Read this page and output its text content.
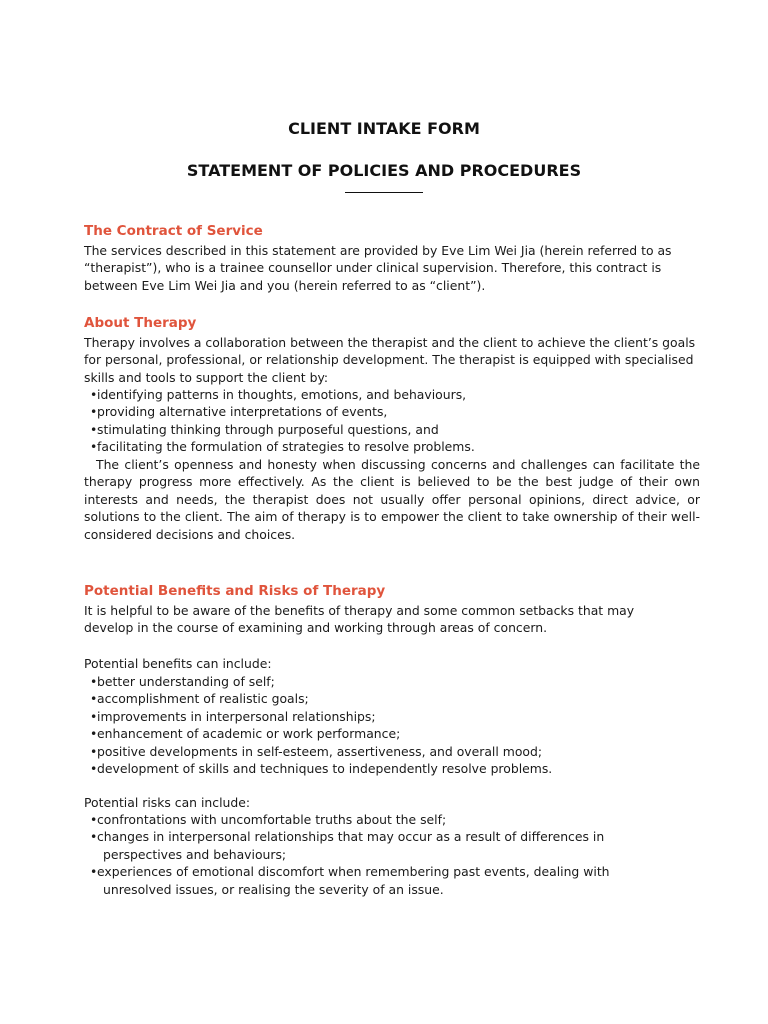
CLIENT INTAKE FORM
STATEMENT OF POLICIES AND PROCEDURES
The Contract of Service

The services described in this statement are provided by Eve Lim Wei Jia (herein referred to as “therapist”), who is a trainee counsellor under clinical supervision. Therefore, this contract is between Eve Lim Wei Jia and you (herein referred to as “client”).

About Therapy

Therapy involves a collaboration between the therapist and the client to achieve the client’s goals for personal, professional, or relationship development. The therapist is equipped with specialised skills and tools to support the client by:

•identifying patterns in thoughts, emotions, and behaviours,
•providing alternative interpretations of events,
•stimulating thinking through purposeful questions, and
•facilitating the formulation of strategies to resolve problems.

The client’s openness and honesty when discussing concerns and challenges can facilitate the therapy progress more effectively. As the client is believed to be the best judge of their own interests and needs, the therapist does not usually offer personal opinions, direct advice, or solutions to the client. The aim of therapy is to empower the client to take ownership of their well-considered decisions and choices.

Potential Benefits and Risks of Therapy

It is helpful to be aware of the benefits of therapy and some common setbacks that may develop in the course of examining and working through areas of concern.

Potential benefits can include:

•better understanding of self;
•accomplishment of realistic goals;
•improvements in interpersonal relationships;
•enhancement of academic or work performance;
•positive developments in self-esteem, assertiveness, and overall mood;
•development of skills and techniques to independently resolve problems.

Potential risks can include:

•confrontations with uncomfortable truths about the self;
•changes in interpersonal relationships that may occur as a result of differences in perspectives and behaviours;
•experiences of emotional discomfort when remembering past events, dealing with unresolved issues, or realising the severity of an issue.
